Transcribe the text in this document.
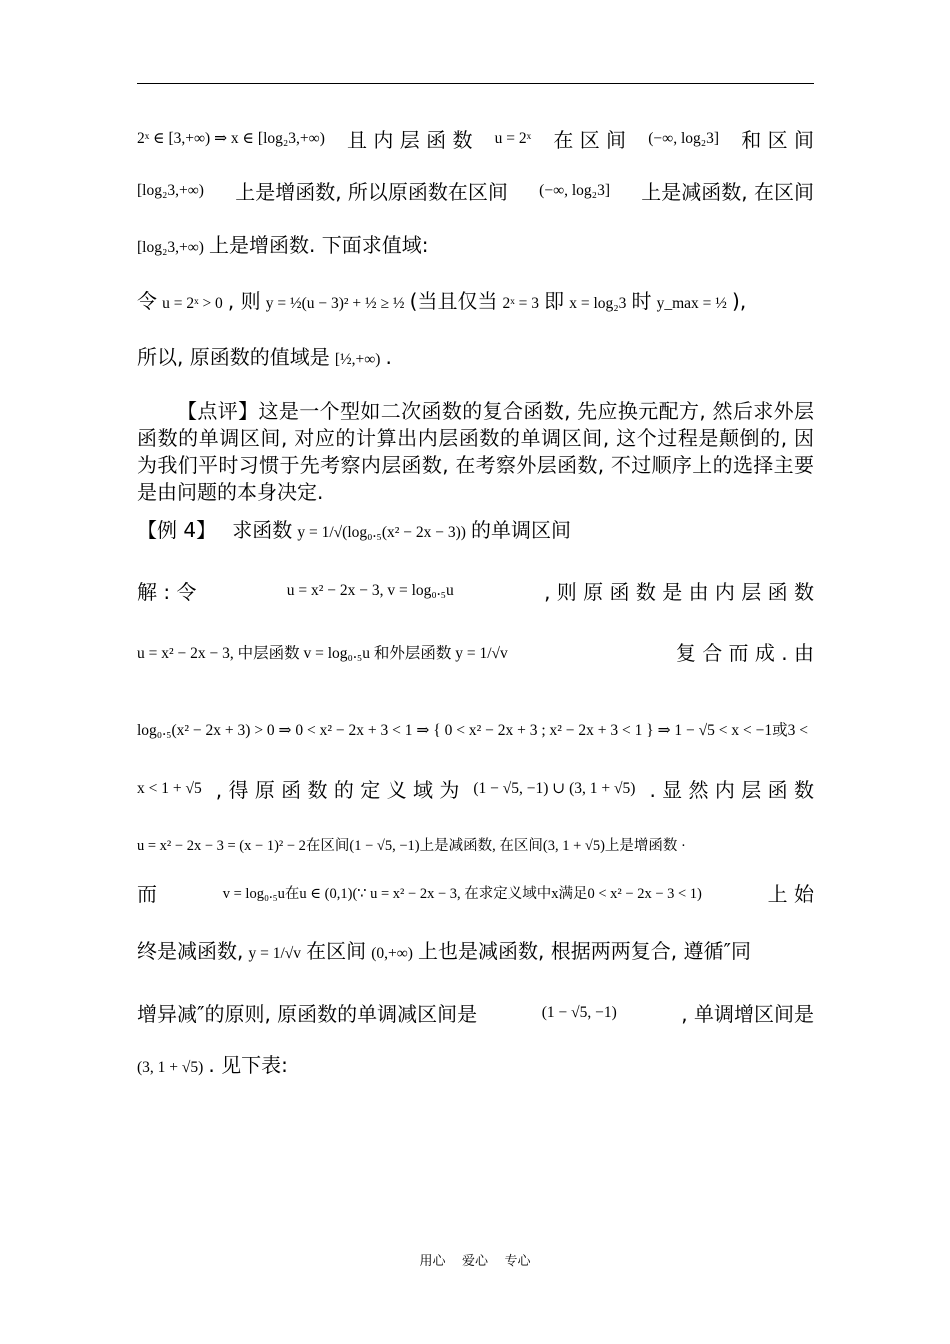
2ˣ ∈ [3,+∞) ⇒ x ∈ [log₂3,+∞) 且 内 层 函 数 u = 2ˣ 在 区 间 (−∞, log₂3] 和 区 间
[log₂3,+∞) 上是增函数, 所以原函数在区间 (−∞, log₂3] 上是减函数, 在区间
[log₂3,+∞) 上是增函数. 下面求值域:
令 u = 2ˣ > 0 , 则 y = ½(u − 3)² + ½ ≥ ½ (当且仅当 2ˣ = 3 即 x = log₂3 时 y_max = ½ ),
所以, 原函数的值域是 [½,+∞) .
【点评】这是一个型如二次函数的复合函数, 先应换元配方, 然后求外层函数的单调区间, 对应的计算出内层函数的单调区间, 这个过程是颠倒的, 因为我们平时习惯于先考察内层函数, 在考察外层函数, 不过顺序上的选择主要是由问题的本身决定.
【例 4】 求函数 y = 1/√(log₀.₅(x² − 2x − 3)) 的单调区间
解 : 令	u = x² − 2x − 3, v = log₀.₅u	, 则 原 函 数 是 由 内 层 函 数
u = x² − 2x − 3, 中层函数 v = log₀.₅u 和外层函数 y = 1/√v	复 合 而 成 . 由
log₀.₅(x² − 2x + 3) > 0 ⇒ 0 < x² − 2x + 3 < 1 ⇒ { 0 < x² − 2x + 3 ; x² − 2x + 3 < 1 } ⇒ 1 − √5 < x < −1或3 <
x < 1 + √5 , 得 原 函 数 的 定 义 域 为 (1 − √5, −1) ∪ (3, 1 + √5) . 显 然 内 层 函 数
u = x² − 2x − 3 = (x − 1)² − 2在区间(1 − √5, −1)上是减函数, 在区间(3, 1 + √5)上是增函数 ·
而	v = log₀.₅u在u ∈ (0,1)(∵ u = x² − 2x − 3, 在求定义域中x满足0 < x² − 2x − 3 < 1)	上 始
终是减函数, y = 1/√v 在区间 (0,+∞) 上也是减函数, 根据两两复合, 遵循″同
增异减″的原则, 原函数的单调减区间是	(1 − √5, −1)	, 单调增区间是
(3, 1 + √5) . 见下表:
用心    爱心    专心
